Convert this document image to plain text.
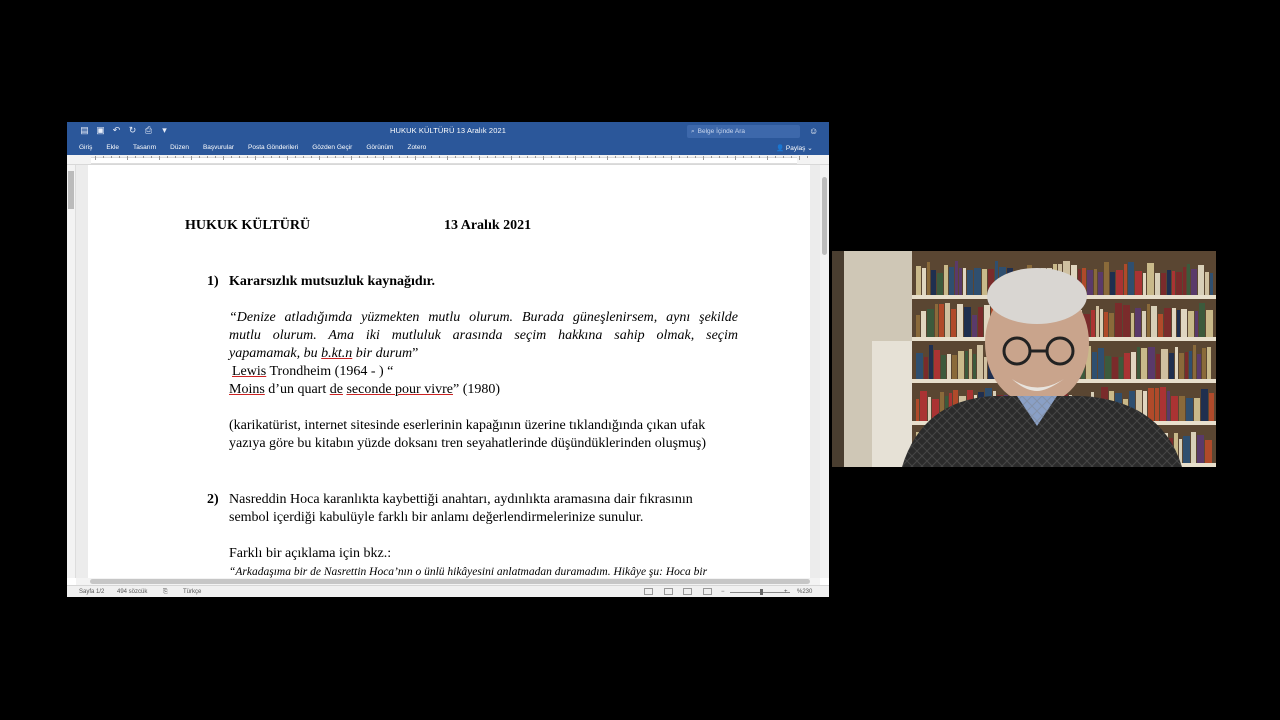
▤ ▣ ↶ ↻ ⎙ ▾	HUKUK KÜLTÜRÜ 13 Aralık 2021	⌕ Belge İçinde Ara	☺
Giriş Ekle Tasarım Düzen Başvurular Posta Gönderileri Gözden Geçir Görünüm Zotero	👤 Paylaş ⌄
HUKUK KÜLTÜRÜ	13 Aralık 2021
1) Kararsızlık mutsuzluk kaynağıdır.
“Denize atladığımda yüzmekten mutlu olurum. Burada güneşlenirsem, aynı şekilde
mutlu olurum. Ama iki mutluluk arasında seçim hakkına sahip olmak, seçim
yapamamak, bu b.kt.n bir durum”
Lewis Trondheim (1964 - ) “
Moins d’un quart de seconde pour vivre” (1980)
(karikatürist, internet sitesinde eserlerinin kapağının üzerine tıklandığında çıkan ufak
yazıya göre bu kitabın yüzde doksanı tren seyahatlerinde düşündüklerinden oluşmuş)
2) Nasreddin Hoca karanlıkta kaybettiği anahtarı, aydınlıkta aramasına dair fıkrasının
sembol içerdiği kabulüyle farklı bir anlamı değerlendirmelerinize sunulur.
Farklı bir açıklama için bkz.:
“Arkadaşıma bir de Nasrettin Hoca’nın o ünlü hikâyesini anlatmadan duramadım. Hikâye şu: Hoca bir
Sayfa 1/2 494 sözcük	⎘	Türkçe	−	+ %230
